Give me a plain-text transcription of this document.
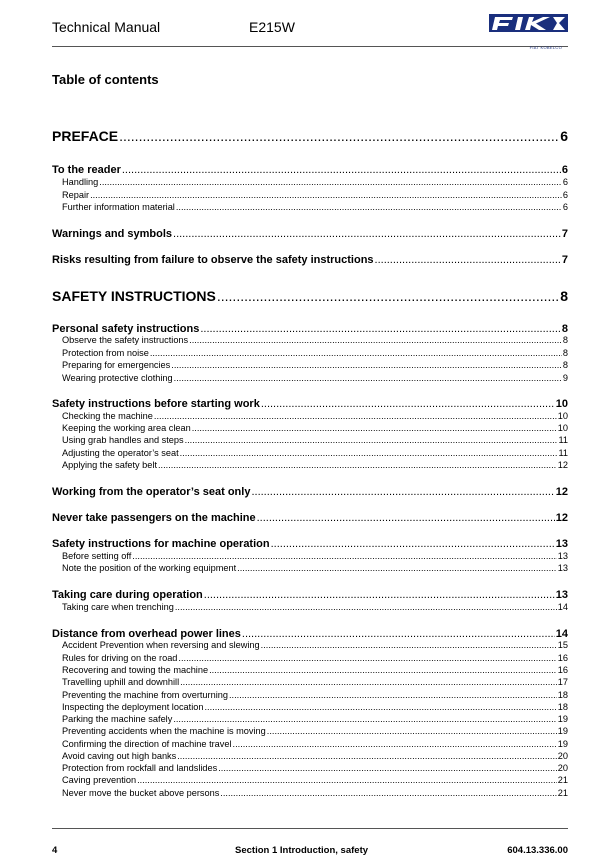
Technical Manual	E215W
FIAT KOBELCO
Table of contents
PREFACE .....	6
To the reader .....	6
Handling .....	6
Repair .....	6
Further information material .....	6
Warnings and symbols .....	7
Risks resulting from failure to observe the safety instructions .....	7
SAFETY INSTRUCTIONS .....	8
Personal safety instructions .....	8
Observe the safety instructions .....	8
Protection from noise .....	8
Preparing for emergencies .....	8
Wearing protective clothing .....	9
Safety instructions before starting work .....	10
Checking the machine .....	10
Keeping the working area clean .....	10
Using grab handles and steps .....	11
Adjusting the operator’s seat .....	11
Applying the safety belt .....	12
Working from the operator’s seat only .....	12
Never take passengers on the machine .....	12
Safety instructions for machine operation .....	13
Before setting off .....	13
Note the position of the working equipment .....	13
Taking care during operation .....	13
Taking care when trenching .....	14
Distance from overhead power lines .....	14
Accident Prevention when reversing and slewing .....	15
Rules for driving on the road .....	16
Recovering and towing the machine .....	16
Travelling uphill and downhill .....	17
Preventing the machine from overturning .....	18
Inspecting the deployment location .....	18
Parking the machine safely .....	19
Preventing accidents when the machine is moving .....	19
Confirming the direction of machine travel .....	19
Avoid caving out high banks .....	20
Protection from rockfall and landslides .....	20
Caving prevention .....	21
Never move the bucket above persons .....	21
4	Section 1 Introduction, safety	604.13.336.00
